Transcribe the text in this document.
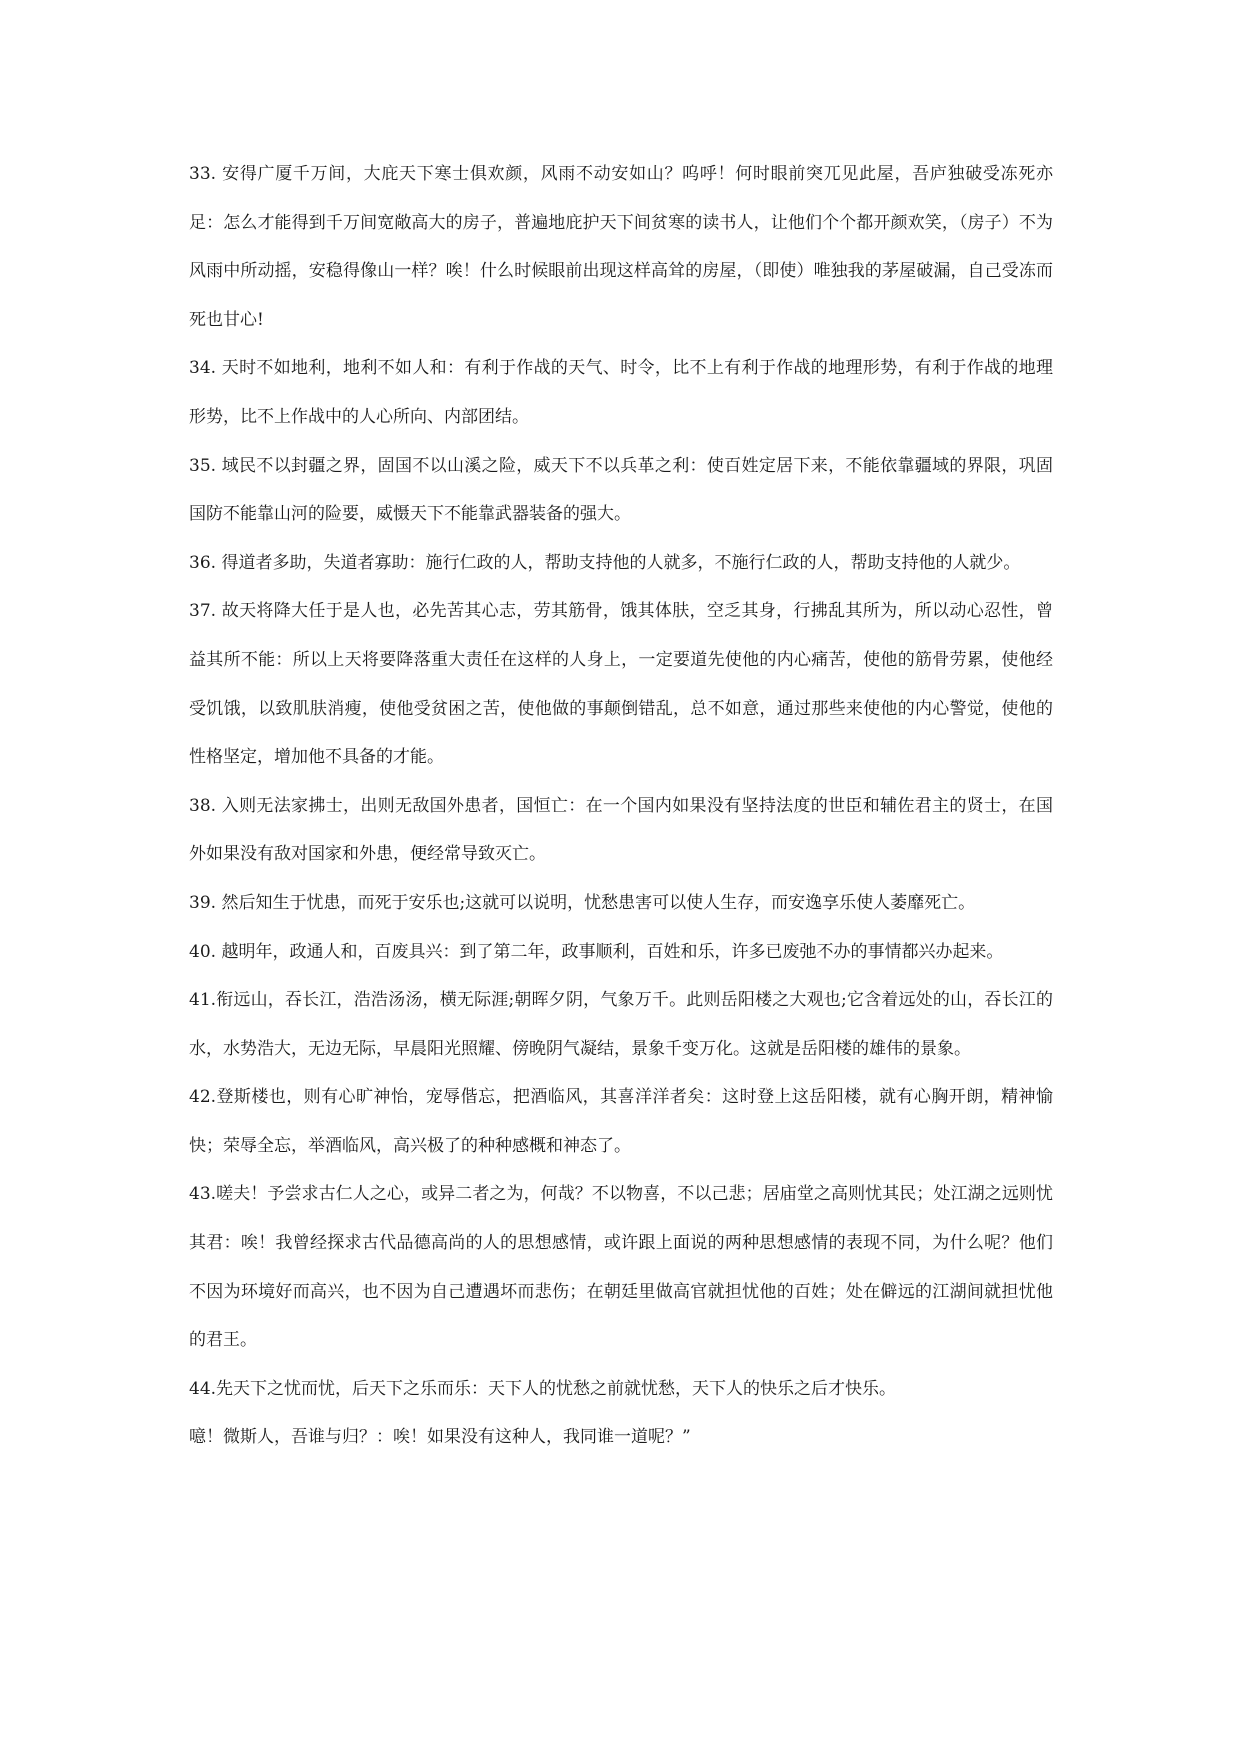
33. 安得广厦千万间，大庇天下寒士俱欢颜，风雨不动安如山？呜呼！何时眼前突兀见此屋，吾庐独破受冻死亦足：怎么才能得到千万间宽敞高大的房子，普遍地庇护天下间贫寒的读书人，让他们个个都开颜欢笑，（房子）不为风雨中所动摇，安稳得像山一样？唉！什么时候眼前出现这样高耸的房屋，（即使）唯独我的茅屋破漏，自己受冻而死也甘心!

34. 天时不如地利，地利不如人和：有利于作战的天气、时令，比不上有利于作战的地理形势，有利于作战的地理形势，比不上作战中的人心所向、内部团结。

35. 域民不以封疆之界，固国不以山溪之险，威天下不以兵革之利：使百姓定居下来，不能依靠疆域的界限，巩固国防不能靠山河的险要，威慑天下不能靠武器装备的强大。

36. 得道者多助，失道者寡助：施行仁政的人，帮助支持他的人就多，不施行仁政的人，帮助支持他的人就少。

37. 故天将降大任于是人也，必先苦其心志，劳其筋骨，饿其体肤，空乏其身，行拂乱其所为，所以动心忍性，曾益其所不能：所以上天将要降落重大责任在这样的人身上，一定要道先使他的内心痛苦，使他的筋骨劳累，使他经受饥饿，以致肌肤消瘦，使他受贫困之苦，使他做的事颠倒错乱，总不如意，通过那些来使他的内心警觉，使他的性格坚定，增加他不具备的才能。

38. 入则无法家拂士，出则无敌国外患者，国恒亡：在一个国内如果没有坚持法度的世臣和辅佐君主的贤士，在国外如果没有敌对国家和外患，便经常导致灭亡。

39. 然后知生于忧患，而死于安乐也;这就可以说明，忧愁患害可以使人生存，而安逸享乐使人萎靡死亡。

40. 越明年，政通人和，百废具兴：到了第二年，政事顺利，百姓和乐，许多已废弛不办的事情都兴办起来。

41.衔远山，吞长江，浩浩汤汤，横无际涯;朝晖夕阴，气象万千。此则岳阳楼之大观也;它含着远处的山，吞长江的水，水势浩大，无边无际，早晨阳光照耀、傍晚阴气凝结，景象千变万化。这就是岳阳楼的雄伟的景象。

42.登斯楼也，则有心旷神怡，宠辱偕忘，把酒临风，其喜洋洋者矣：这时登上这岳阳楼，就有心胸开朗，精神愉快；荣辱全忘，举酒临风，高兴极了的种种感概和神态了。

43.嗟夫！予尝求古仁人之心，或异二者之为，何哉？不以物喜，不以己悲；居庙堂之高则忧其民；处江湖之远则忧其君：唉！我曾经探求古代品德高尚的人的思想感情，或许跟上面说的两种思想感情的表现不同，为什么呢？他们不因为环境好而高兴，也不因为自己遭遇坏而悲伤；在朝廷里做高官就担忧他的百姓；处在僻远的江湖间就担忧他的君王。

44.先天下之忧而忧，后天下之乐而乐：天下人的忧愁之前就忧愁，天下人的快乐之后才快乐。

噫！微斯人，吾谁与归？：唉！如果没有这种人，我同谁一道呢？”
